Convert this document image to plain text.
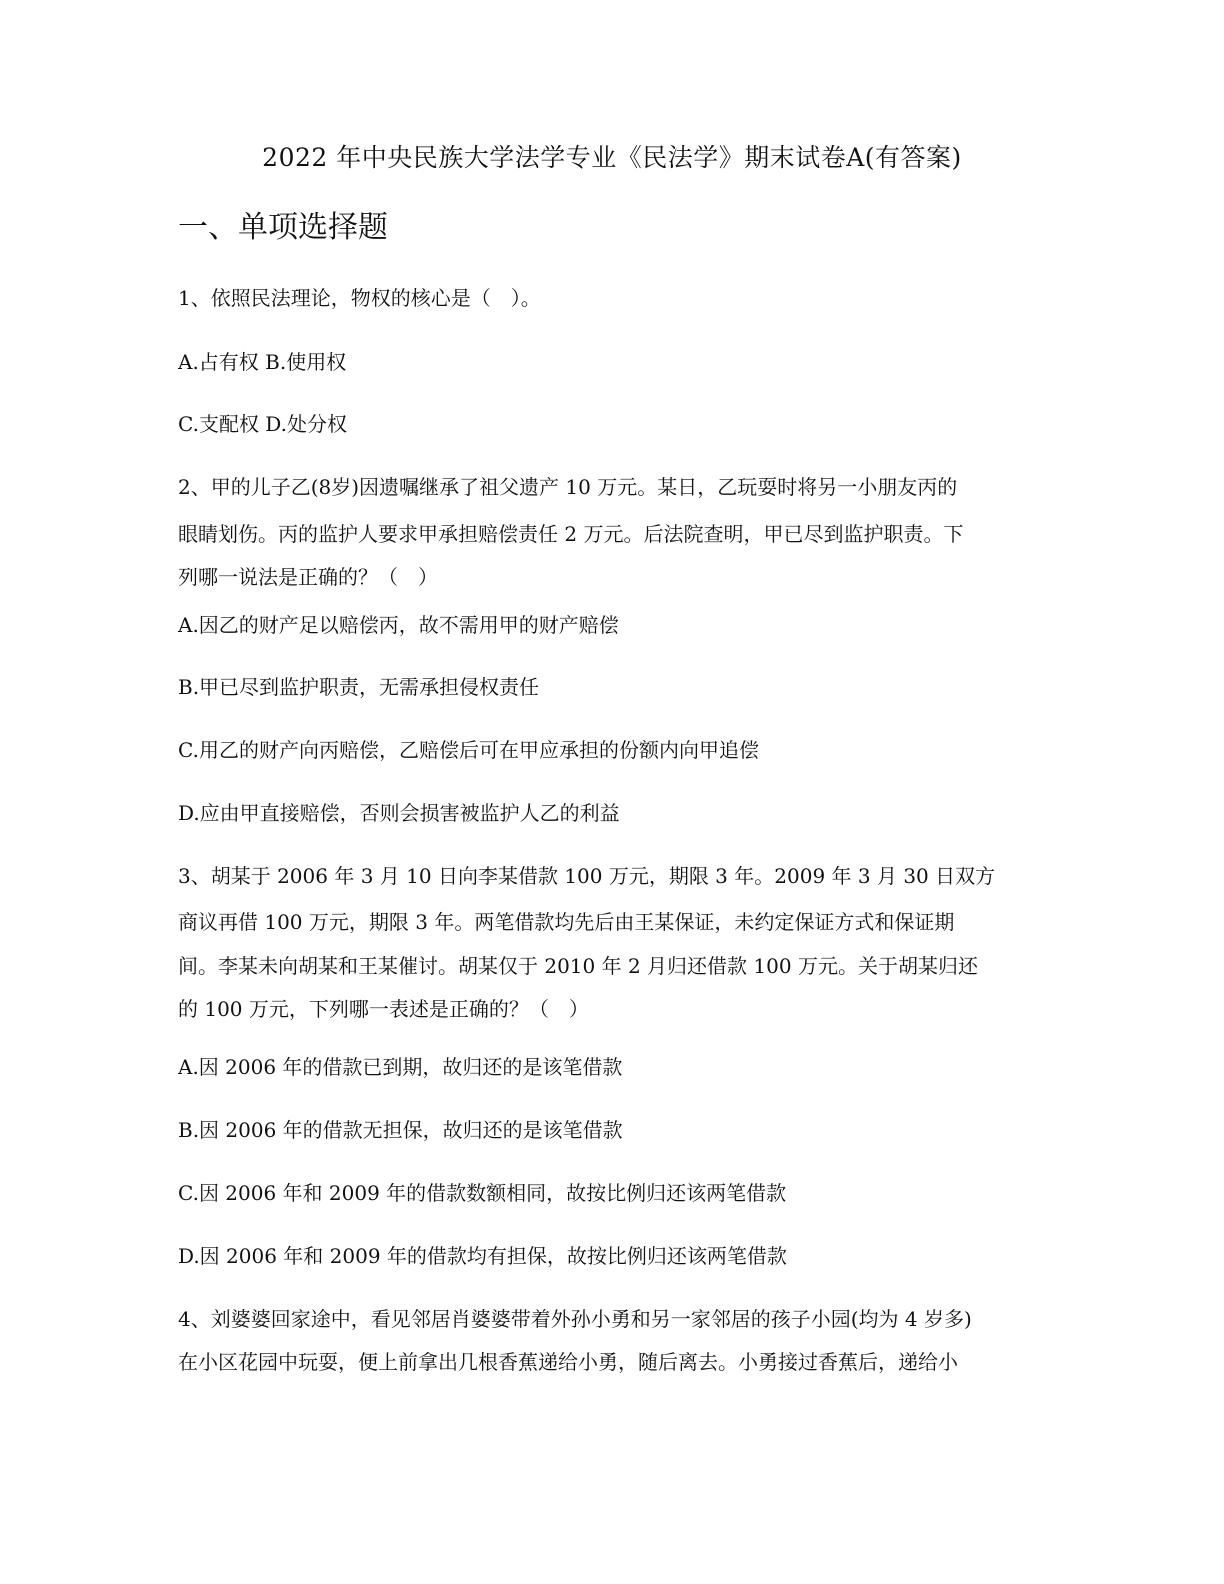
2022 年中央民族大学法学专业《民法学》期末试卷A(有答案)
一、单项选择题
1、依照民法理论，物权的核心是（　）。
A.占有权 B.使用权
C.支配权 D.处分权
2、甲的儿子乙(8岁)因遗嘱继承了祖父遗产 10 万元。某日，乙玩耍时将另一小朋友丙的
眼睛划伤。丙的监护人要求甲承担赔偿责任 2 万元。后法院查明，甲已尽到监护职责。下
列哪一说法是正确的？（　）
A.因乙的财产足以赔偿丙，故不需用甲的财产赔偿
B.甲已尽到监护职责，无需承担侵权责任
C.用乙的财产向丙赔偿，乙赔偿后可在甲应承担的份额内向甲追偿
D.应由甲直接赔偿，否则会损害被监护人乙的利益
3、胡某于 2006 年 3 月 10 日向李某借款 100 万元，期限 3 年。2009 年 3 月 30 日双方
商议再借 100 万元，期限 3 年。两笔借款均先后由王某保证，未约定保证方式和保证期
间。李某未向胡某和王某催讨。胡某仅于 2010 年 2 月归还借款 100 万元。关于胡某归还
的 100 万元，下列哪一表述是正确的？（　）
A.因 2006 年的借款已到期，故归还的是该笔借款
B.因 2006 年的借款无担保，故归还的是该笔借款
C.因 2006 年和 2009 年的借款数额相同，故按比例归还该两笔借款
D.因 2006 年和 2009 年的借款均有担保，故按比例归还该两笔借款
4、刘婆婆回家途中，看见邻居肖婆婆带着外孙小勇和另一家邻居的孩子小园(均为 4 岁多)
在小区花园中玩耍，便上前拿出几根香蕉递给小勇，随后离去。小勇接过香蕉后，递给小
